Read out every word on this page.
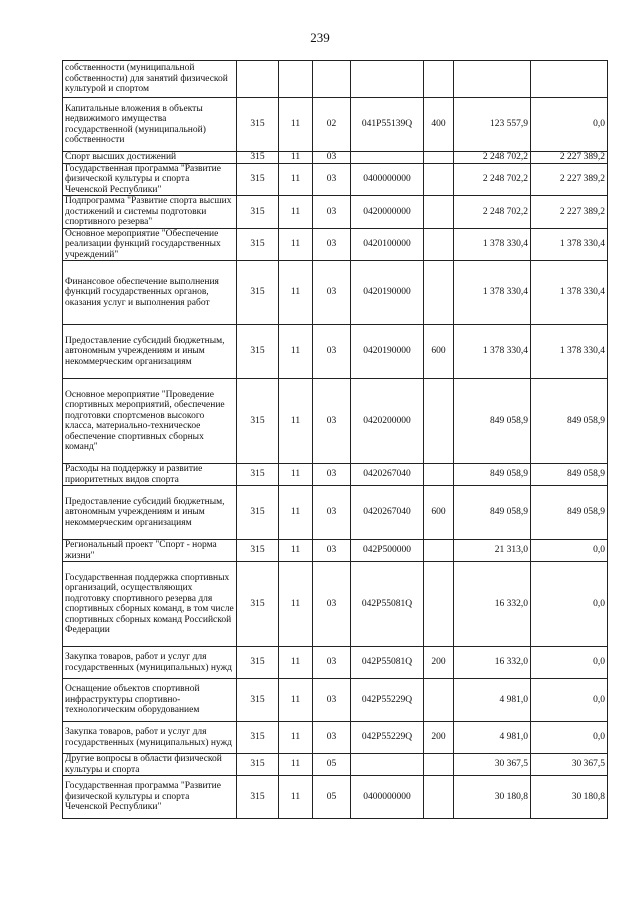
239
собственности (муниципальной собственности) для занятий физической культурой и спортом							
Капитальные вложения в объекты недвижимого имущества государственной (муниципальной) собственности	315	11	02	041P55139Q	400	123 557,9	0,0
Спорт высших достижений	315	11	03			2 248 702,2	2 227 389,2
Государственная программа "Развитие физической культуры и спорта Чеченской Республики"	315	11	03	0400000000		2 248 702,2	2 227 389,2
Подпрограмма "Развитие спорта высших достижений и системы подготовки спортивного резерва"	315	11	03	0420000000		2 248 702,2	2 227 389,2
Основное мероприятие "Обеспечение реализации функций государственных учреждений"	315	11	03	0420100000		1 378 330,4	1 378 330,4
Финансовое обеспечение выполнения функций государственных органов, оказания услуг и выполнения работ	315	11	03	0420190000		1 378 330,4	1 378 330,4
Предоставление субсидий бюджетным, автономным учреждениям и иным некоммерческим организациям	315	11	03	0420190000	600	1 378 330,4	1 378 330,4
Основное мероприятие "Проведение спортивных мероприятий, обеспечение подготовки спортсменов высокого класса, материально-техническое обеспечение спортивных сборных команд"	315	11	03	0420200000		849 058,9	849 058,9
Расходы на поддержку и развитие приоритетных видов спорта	315	11	03	0420267040		849 058,9	849 058,9
Предоставление субсидий бюджетным, автономным учреждениям и иным некоммерческим организациям	315	11	03	0420267040	600	849 058,9	849 058,9
Региональный проект "Спорт - норма жизни"	315	11	03	042P500000		21 313,0	0,0
Государственная поддержка спортивных организаций, осуществляющих подготовку спортивного резерва для спортивных сборных команд, в том числе спортивных сборных команд Российской Федерации	315	11	03	042P55081Q		16 332,0	0,0
Закупка товаров, работ и услуг для государственных (муниципальных) нужд	315	11	03	042P55081Q	200	16 332,0	0,0
Оснащение объектов спортивной инфраструктуры спортивно-технологическим оборудованием	315	11	03	042P55229Q		4 981,0	0,0
Закупка товаров, работ и услуг для государственных (муниципальных) нужд	315	11	03	042P55229Q	200	4 981,0	0,0
Другие вопросы в области физической культуры и спорта	315	11	05			30 367,5	30 367,5
Государственная программа "Развитие физической культуры и спорта Чеченской Республики"	315	11	05	0400000000		30 180,8	30 180,8
